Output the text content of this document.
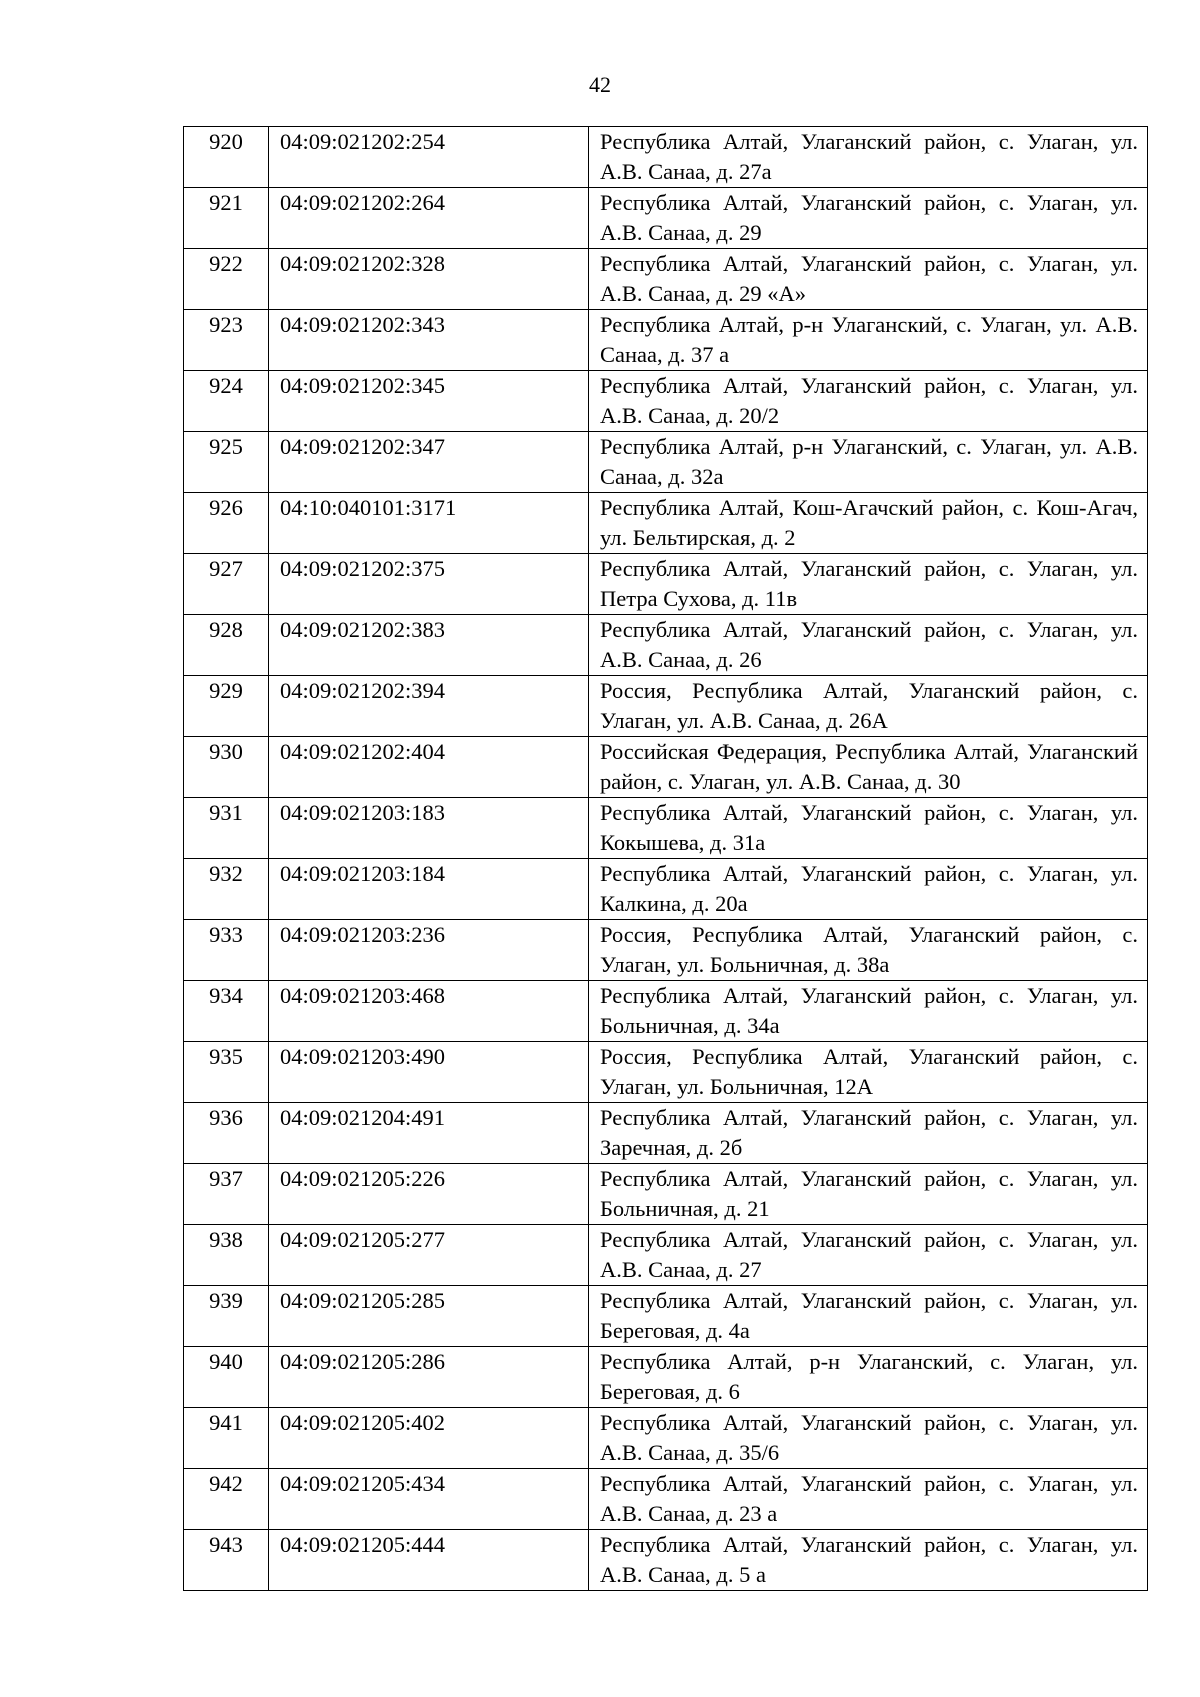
42
920	04:09:021202:254	Республика Алтай, Улаганский район, с. Улаган, ул. А.В. Санаа, д. 27а
921	04:09:021202:264	Республика Алтай, Улаганский район, с. Улаган, ул. А.В. Санаа, д. 29
922	04:09:021202:328	Республика Алтай, Улаганский район, с. Улаган, ул. А.В. Санаа, д. 29 «А»
923	04:09:021202:343	Республика Алтай, р-н Улаганский, с. Улаган, ул. А.В. Санаа, д. 37 а
924	04:09:021202:345	Республика Алтай, Улаганский район, с. Улаган, ул. А.В. Санаа, д. 20/2
925	04:09:021202:347	Республика Алтай, р-н Улаганский, с. Улаган, ул. А.В. Санаа, д. 32а
926	04:10:040101:3171	Республика Алтай, Кош-Агачский район, с. Кош-Агач, ул. Бельтирская, д. 2
927	04:09:021202:375	Республика Алтай, Улаганский район, с. Улаган, ул. Петра Сухова, д. 11в
928	04:09:021202:383	Республика Алтай, Улаганский район, с. Улаган, ул. А.В. Санаа, д. 26
929	04:09:021202:394	Россия, Республика Алтай, Улаганский район, с. Улаган, ул. А.В. Санаа, д. 26А
930	04:09:021202:404	Российская Федерация, Республика Алтай, Улаганский район, с. Улаган, ул. А.В. Санаа, д. 30
931	04:09:021203:183	Республика Алтай, Улаганский район, с. Улаган, ул. Кокышева, д. 31а
932	04:09:021203:184	Республика Алтай, Улаганский район, с. Улаган, ул. Калкина, д. 20а
933	04:09:021203:236	Россия, Республика Алтай, Улаганский район, с. Улаган, ул. Больничная, д. 38а
934	04:09:021203:468	Республика Алтай, Улаганский район, с. Улаган, ул. Больничная, д. 34а
935	04:09:021203:490	Россия, Республика Алтай, Улаганский район, с. Улаган, ул. Больничная, 12А
936	04:09:021204:491	Республика Алтай, Улаганский район, с. Улаган, ул. Заречная, д. 2б
937	04:09:021205:226	Республика Алтай, Улаганский район, с. Улаган, ул. Больничная, д. 21
938	04:09:021205:277	Республика Алтай, Улаганский район, с. Улаган, ул. А.В. Санаа, д. 27
939	04:09:021205:285	Республика Алтай, Улаганский район, с. Улаган, ул. Береговая, д. 4а
940	04:09:021205:286	Республика Алтай, р-н Улаганский, с. Улаган, ул. Береговая, д. 6
941	04:09:021205:402	Республика Алтай, Улаганский район, с. Улаган, ул. А.В. Санаа, д. 35/6
942	04:09:021205:434	Республика Алтай, Улаганский район, с. Улаган, ул. А.В. Санаа, д. 23 а
943	04:09:021205:444	Республика Алтай, Улаганский район, с. Улаган, ул. А.В. Санаа, д. 5 а
